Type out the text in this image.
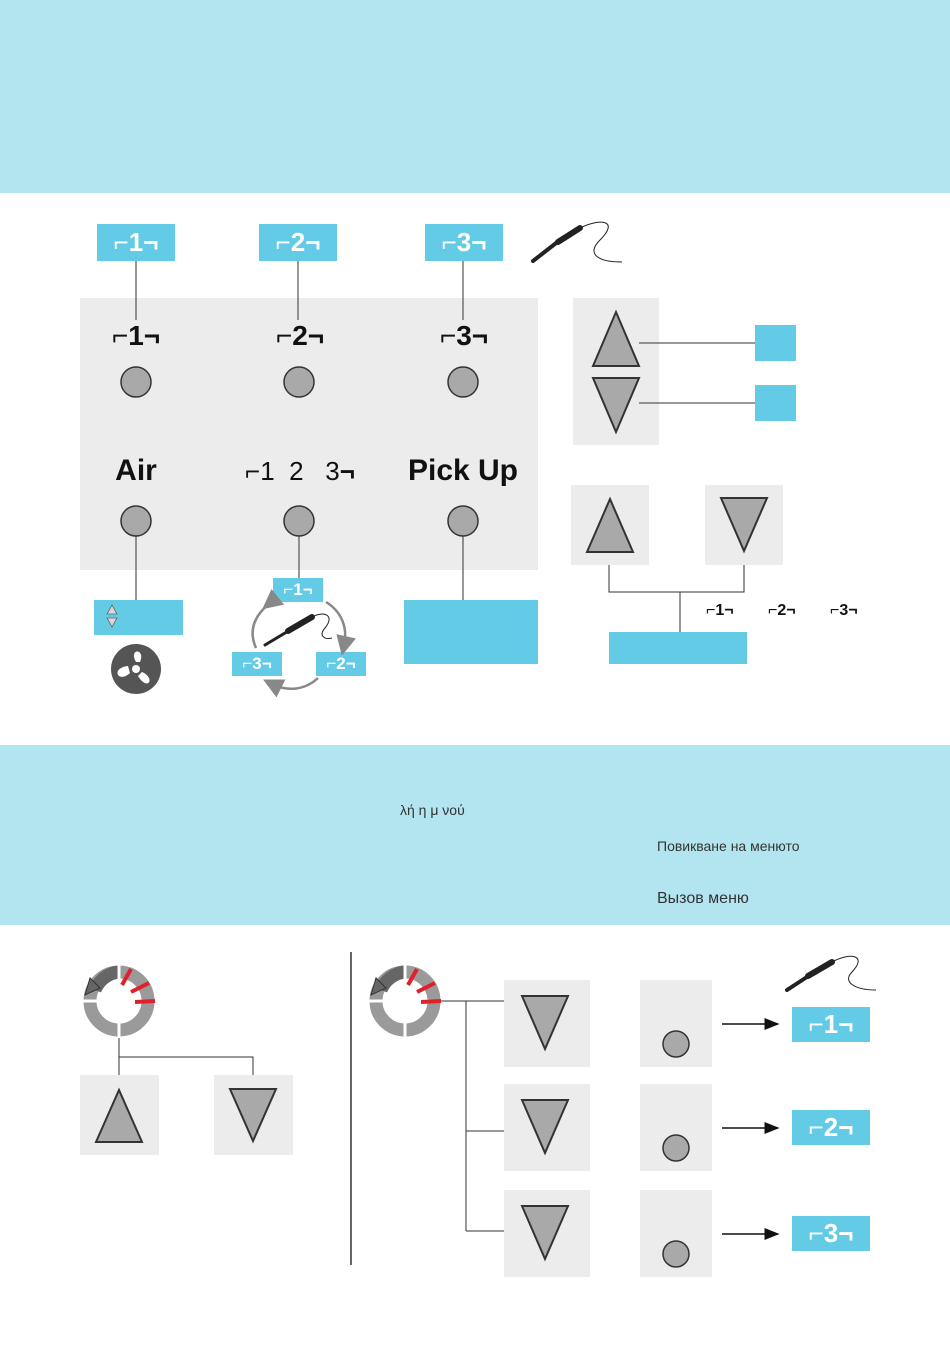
⌐ 1 ¬	⌐ 2 ¬	⌐ 3 ¬
⌐1¬	⌐2¬	⌐3¬
Air	⌐1 2 3¬	Pick Up
⌐1¬ ⌐2¬ ⌐3¬
⌐ 1 ¬
⌐ 3 ¬	⌐ 2 ¬
λή η μ νού
Повикване на менюто
Вызов меню
⌐ 1 ¬
⌐ 2 ¬
⌐ 3 ¬
